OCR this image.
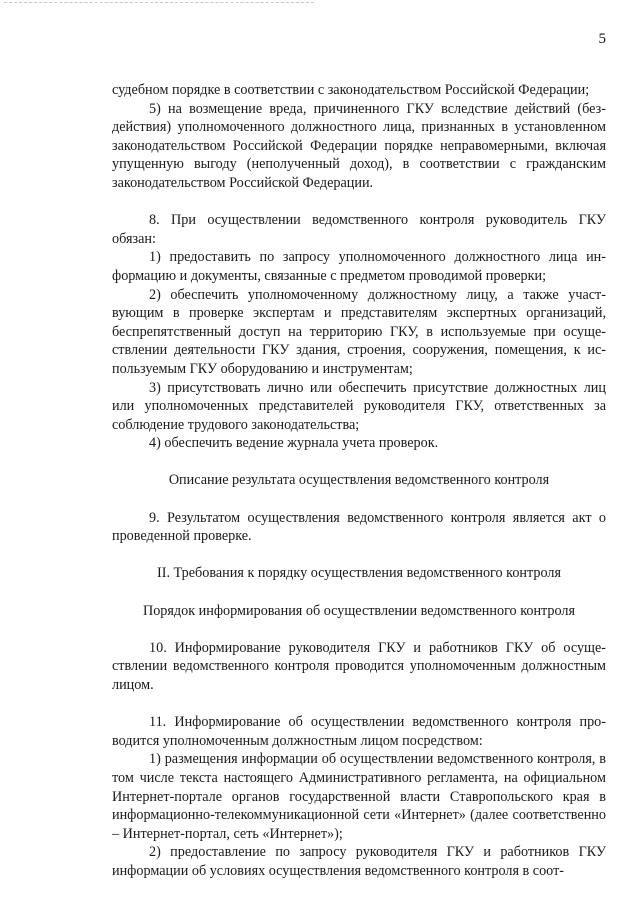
5

судебном порядке в соответствии с законодательством Российской Федерации;

5) на возмещение вреда, причиненного ГКУ вследствие действий (бездействия) уполномоченного должностного лица, признанных в установленном законодательством Российской Федерации порядке неправомерными, включая упущенную выгоду (неполученный доход), в соответствии с гражданским законодательством Российской Федерации.

8. При осуществлении ведомственного контроля руководитель ГКУ обязан:

1) предоставить по запросу уполномоченного должностного лица информацию и документы, связанные с предметом проводимой проверки;

2) обеспечить уполномоченному должностному лицу, а также участвующим в проверке экспертам и представителям экспертных организаций, беспрепятственный доступ на территорию ГКУ, в используемые при осуществлении деятельности ГКУ здания, строения, сооружения, помещения, к используемым ГКУ оборудованию и инструментам;

3) присутствовать лично или обеспечить присутствие должностных лиц или уполномоченных представителей руководителя ГКУ, ответственных за соблюдение трудового законодательства;

4) обеспечить ведение журнала учета проверок.

Описание результата осуществления ведомственного контроля

9. Результатом осуществления ведомственного контроля является акт о проведенной проверке.

II. Требования к порядку осуществления ведомственного контроля

Порядок информирования об осуществлении ведомственного контроля

10. Информирование руководителя ГКУ и работников ГКУ об осуществлении ведомственного контроля проводится уполномоченным должностным лицом.

11. Информирование об осуществлении ведомственного контроля проводится уполномоченным должностным лицом посредством:

1) размещения информации об осуществлении ведомственного контроля, в том числе текста настоящего Административного регламента, на официальном Интернет-портале органов государственной власти Ставропольского края в информационно-телекоммуникационной сети «Интернет» (далее соответственно – Интернет-портал, сеть «Интернет»);

2) предоставление по запросу руководителя ГКУ и работников ГКУ информации об условиях осуществления ведомственного контроля в соот-
